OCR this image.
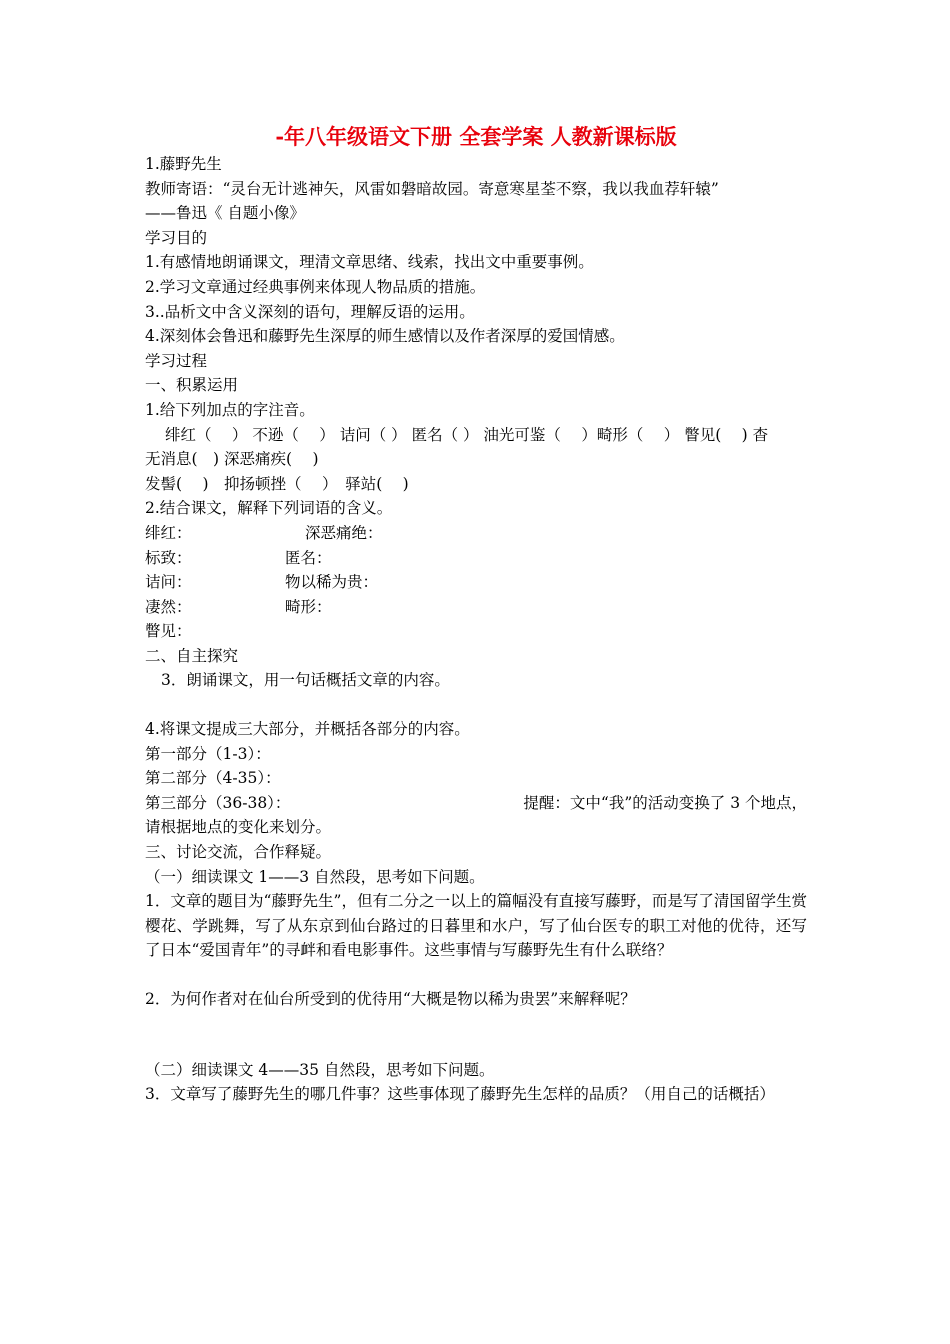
-年八年级语文下册 全套学案 人教新课标版
1.藤野先生
教师寄语：“灵台无计逃神矢，风雷如磐暗故园。寄意寒星荃不察，我以我血荐轩辕”
——鲁迅《 自题小像》
学习目的
1.有感情地朗诵课文，理清文章思绪、线索，找出文中重要事例。
2.学习文章通过经典事例来体现人物品质的措施。
3..品析文中含义深刻的语句，理解反语的运用。
4.深刻体会鲁迅和藤野先生深厚的师生感情以及作者深厚的爱国情感。
学习过程
一、积累运用
1.给下列加点的字注音。
绯红（　 ） 不逊（　 ） 诘问（ ） 匿名（ ） 油光可鉴（　 ）畸形（　 ） 瞥见(　 ) 杳
无消息(　) 深恶痛疾(　 )
发髻(　 )　抑扬顿挫（　 ）　驿站(　 )
2.结合课文，解释下列词语的含义。
绯红：	深恶痛绝：
标致：	匿名：
诘问：	物以稀为贵：
凄然：	畸形：
瞥见：
二、自主探究
3．朗诵课文，用一句话概括文章的内容。
4.将课文提成三大部分，并概括各部分的内容。
第一部分（1-3）：
第二部分（4-35）：
第三部分（36-38）：	提醒：文中“我”的活动变换了 3 个地点，
请根据地点的变化来划分。
三、讨论交流，合作释疑。
（一）细读课文 1——3 自然段，思考如下问题。
1．文章的题目为“藤野先生”，但有二分之一以上的篇幅没有直接写藤野，而是写了清国留学生赏樱花、学跳舞，写了从东京到仙台路过的日暮里和水户，写了仙台医专的职工对他的优待，还写了日本“爱国青年”的寻衅和看电影事件。这些事情与写藤野先生有什么联络？
2．为何作者对在仙台所受到的优待用“大概是物以稀为贵罢”来解释呢？
（二）细读课文 4——35 自然段，思考如下问题。
3．文章写了藤野先生的哪几件事？这些事体现了藤野先生怎样的品质？（用自己的话概括）
